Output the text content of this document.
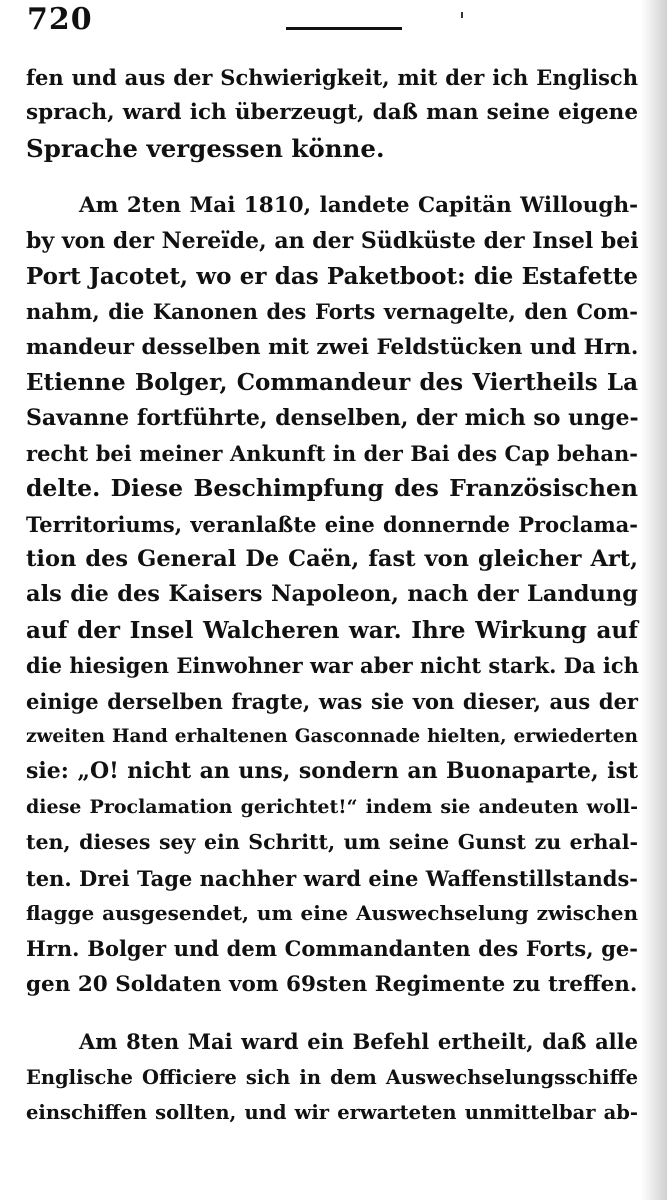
720
fen und aus der Schwierigkeit, mit der ich Englisch
sprach, ward ich überzeugt, daß man seine eigene
Sprache vergessen könne.
Am 2ten Mai 1810, landete Capitän Willough-
by von der Nereïde, an der Südküste der Insel bei
Port Jacotet, wo er das Paketboot: die Estafette
nahm, die Kanonen des Forts vernagelte, den Com-
mandeur desselben mit zwei Feldstücken und Hrn.
Etienne Bolger, Commandeur des Viertheils La
Savanne fortführte, denselben, der mich so unge-
recht bei meiner Ankunft in der Bai des Cap behan-
delte. Diese Beschimpfung des Französischen
Territoriums, veranlaßte eine donnernde Proclama-
tion des General De Caën, fast von gleicher Art,
als die des Kaisers Napoleon, nach der Landung
auf der Insel Walcheren war. Ihre Wirkung auf
die hiesigen Einwohner war aber nicht stark. Da ich
einige derselben fragte, was sie von dieser, aus der
zweiten Hand erhaltenen Gasconnade hielten, erwiederten
sie: „O! nicht an uns, sondern an Buonaparte, ist
diese Proclamation gerichtet!“ indem sie andeuten woll-
ten, dieses sey ein Schritt, um seine Gunst zu erhal-
ten. Drei Tage nachher ward eine Waffenstillstands-
flagge ausgesendet, um eine Auswechselung zwischen
Hrn. Bolger und dem Commandanten des Forts, ge-
gen 20 Soldaten vom 69sten Regimente zu treffen.
Am 8ten Mai ward ein Befehl ertheilt, daß alle
Englische Officiere sich in dem Auswechselungsschiffe
einschiffen sollten, und wir erwarteten unmittelbar ab-
